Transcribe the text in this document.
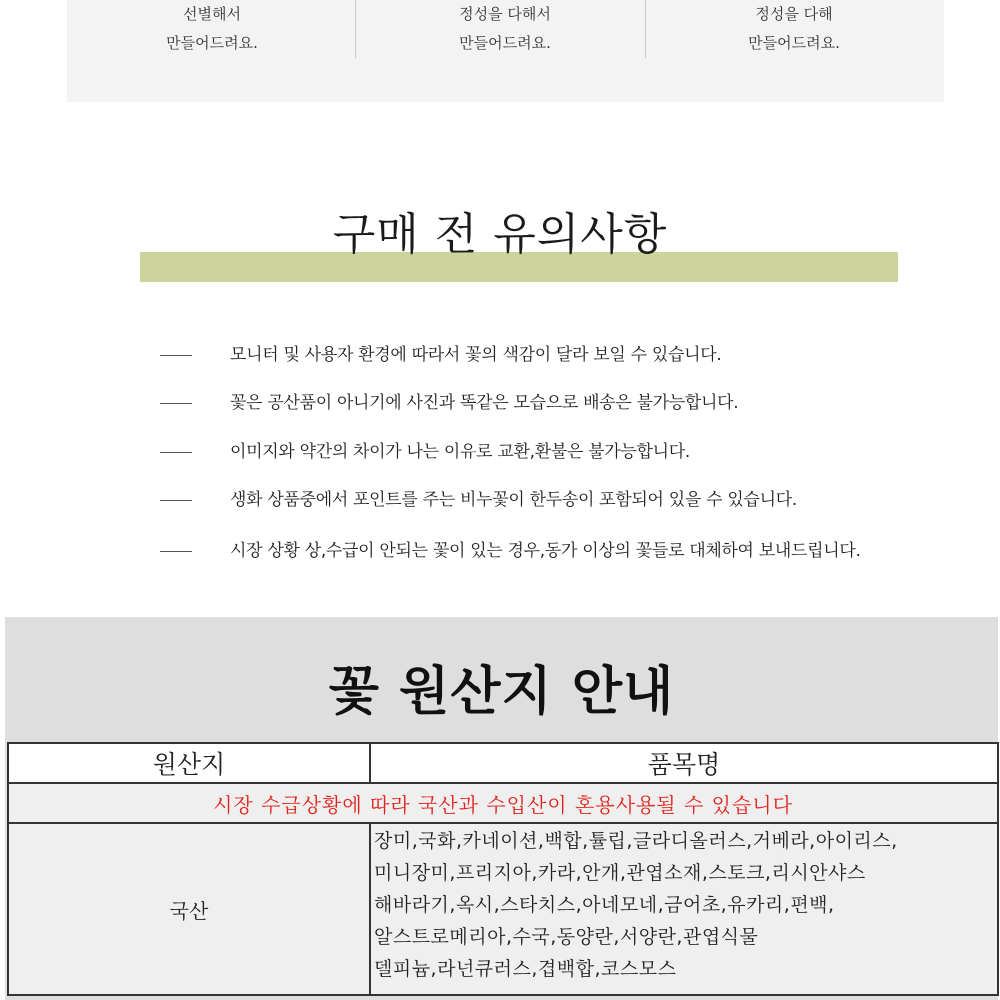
선별해서
만들어드려요.
정성을 다해서
만들어드려요.
정성을 다해
만들어드려요.
구매 전 유의사항
모니터 및 사용자 환경에 따라서 꽃의 색감이 달라 보일 수 있습니다.
꽃은 공산품이 아니기에 사진과 똑같은 모습으로 배송은 불가능합니다.
이미지와 약간의 차이가 나는 이유로 교환,환불은 불가능합니다.
생화 상품중에서 포인트를 주는 비누꽃이 한두송이 포함되어 있을 수 있습니다.
시장 상황 상,수급이 안되는 꽃이 있는 경우,동가 이상의 꽃들로 대체하여 보내드립니다.
꽃 원산지 안내
원산지	품목명
시장 수급상황에 따라 국산과 수입산이 혼용사용될 수 있습니다	
국산	장미,국화,카네이션,백합,튤립,글라디올러스,거베라,아이리스,
미니장미,프리지아,카라,안개,관엽소재,스토크,리시안샤스
해바라기,옥시,스타치스,아네모네,금어초,유카리,편백,
알스트로메리아,수국,동양란,서양란,관엽식물
델피늄,라넌큐러스,겹백합,코스모스
